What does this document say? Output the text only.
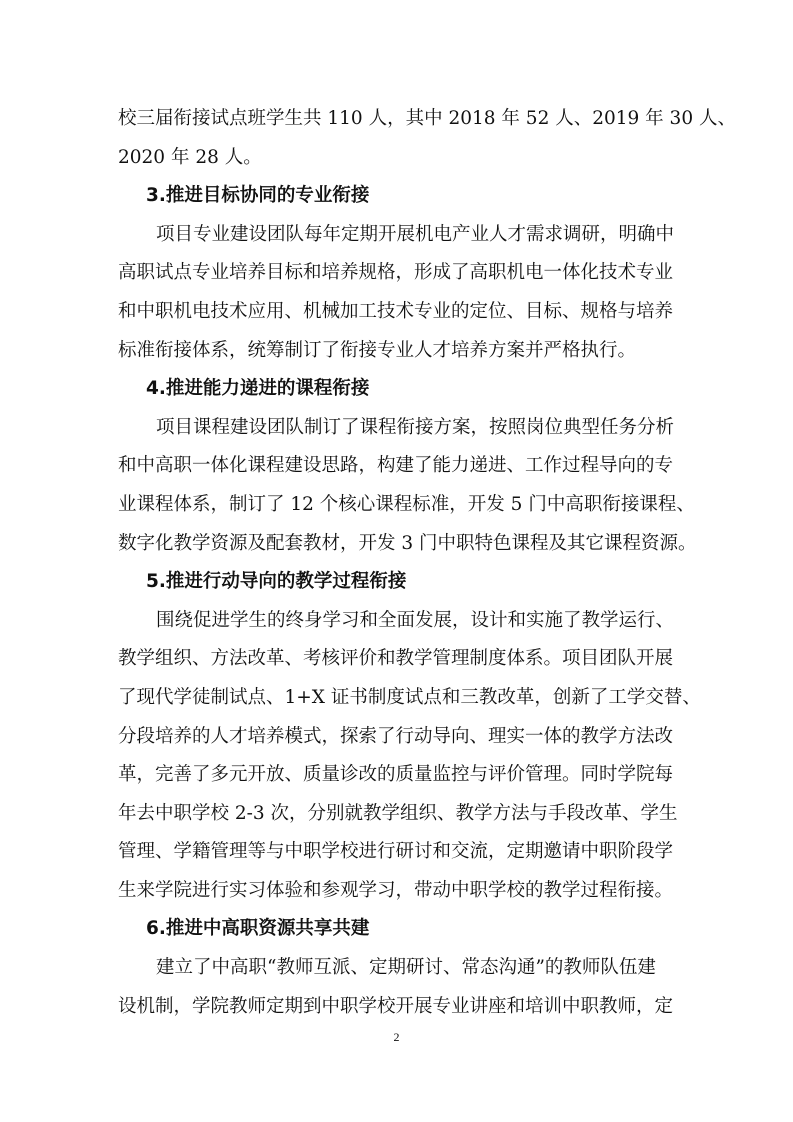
校三届衔接试点班学生共 110 人，其中 2018 年 52 人、2019 年 30 人、
2020 年 28 人。
3.推进目标协同的专业衔接
项目专业建设团队每年定期开展机电产业人才需求调研，明确中
高职试点专业培养目标和培养规格，形成了高职机电一体化技术专业
和中职机电技术应用、机械加工技术专业的定位、目标、规格与培养
标准衔接体系，统筹制订了衔接专业人才培养方案并严格执行。
4.推进能力递进的课程衔接
项目课程建设团队制订了课程衔接方案，按照岗位典型任务分析
和中高职一体化课程建设思路，构建了能力递进、工作过程导向的专
业课程体系，制订了 12 个核心课程标准，开发 5 门中高职衔接课程、
数字化教学资源及配套教材，开发 3 门中职特色课程及其它课程资源。
5.推进行动导向的教学过程衔接
围绕促进学生的终身学习和全面发展，设计和实施了教学运行、
教学组织、方法改革、考核评价和教学管理制度体系。项目团队开展
了现代学徒制试点、1+X 证书制度试点和三教改革，创新了工学交替、
分段培养的人才培养模式，探索了行动导向、理实一体的教学方法改
革，完善了多元开放、质量诊改的质量监控与评价管理。同时学院每
年去中职学校 2-3 次，分别就教学组织、教学方法与手段改革、学生
管理、学籍管理等与中职学校进行研讨和交流，定期邀请中职阶段学
生来学院进行实习体验和参观学习，带动中职学校的教学过程衔接。
6.推进中高职资源共享共建
建立了中高职“教师互派、定期研讨、常态沟通”的教师队伍建
设机制，学院教师定期到中职学校开展专业讲座和培训中职教师，定
2
